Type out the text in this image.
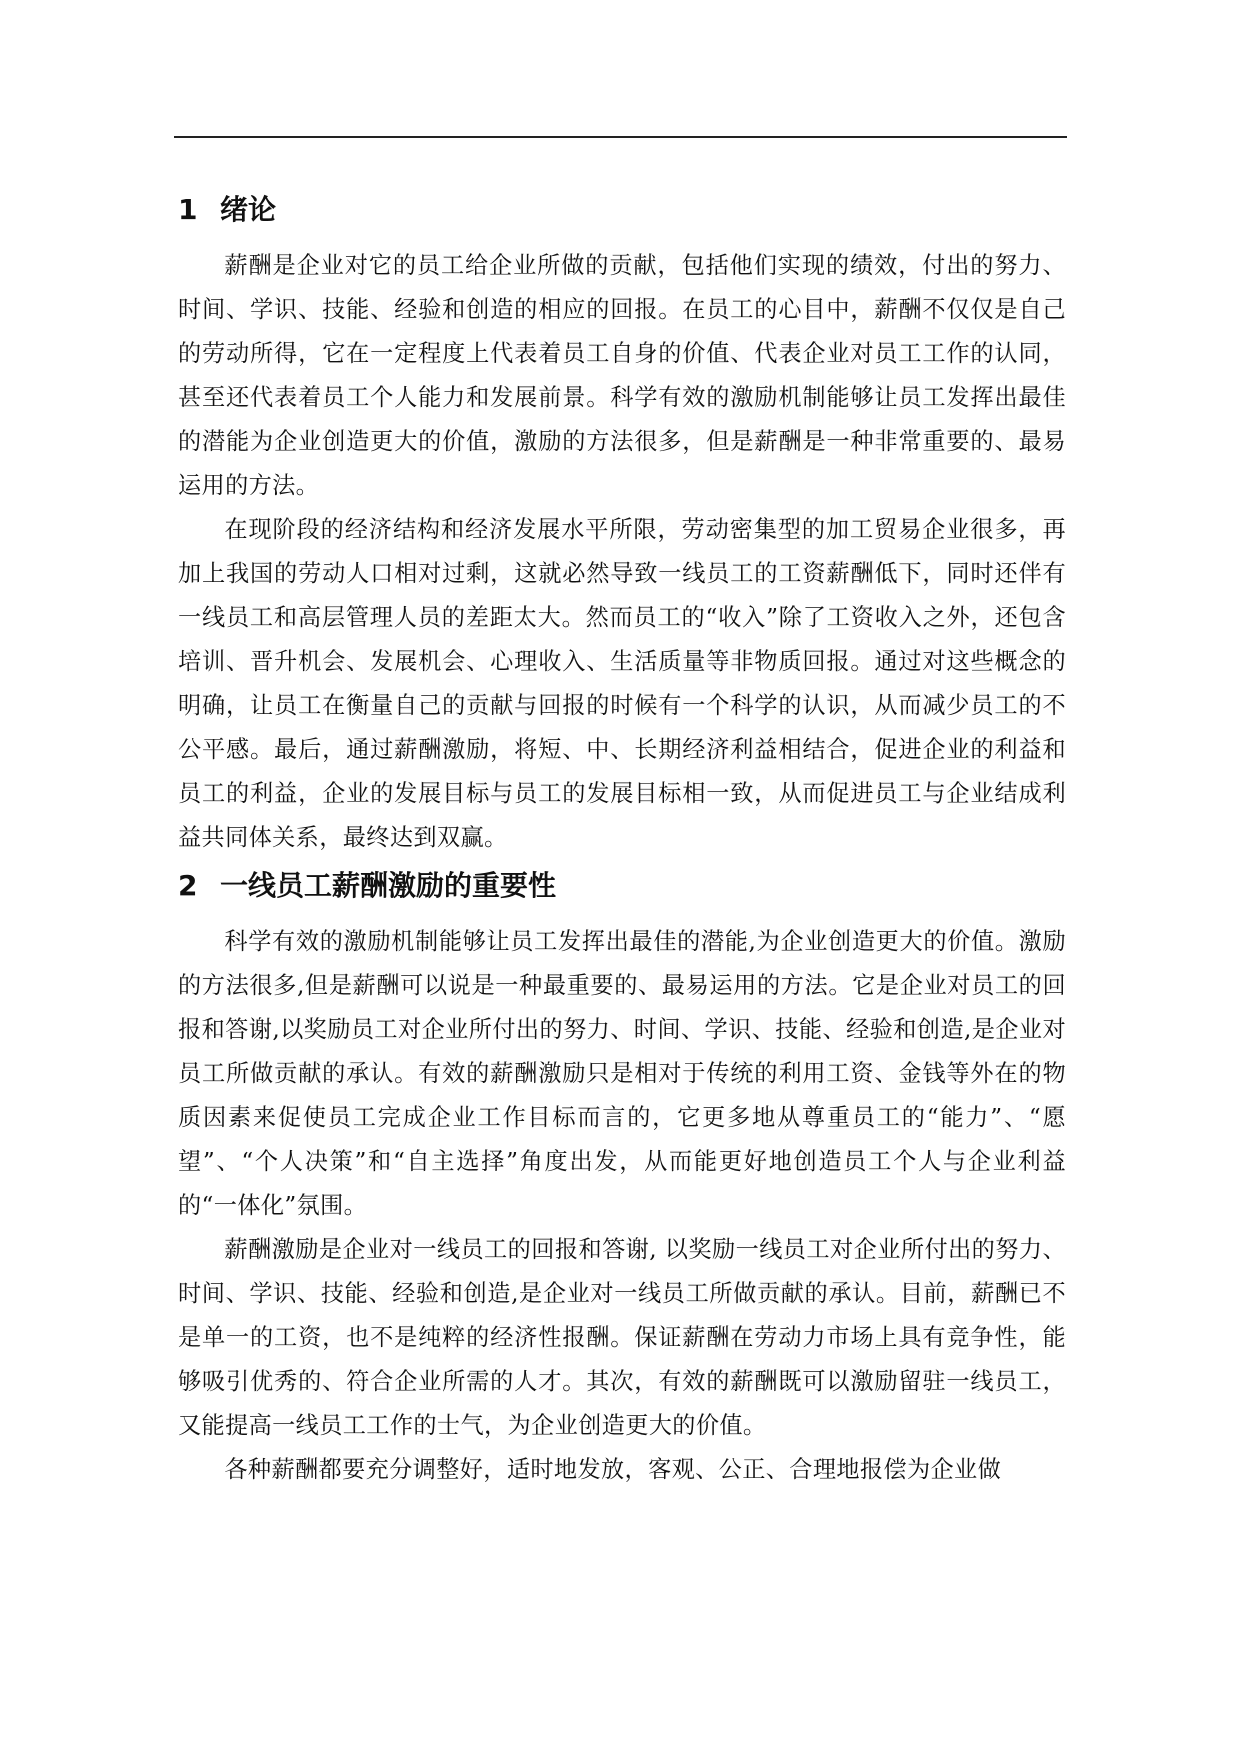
1 绪论

薪酬是企业对它的员工给企业所做的贡献，包括他们实现的绩效，付出的努力、时间、学识、技能、经验和创造的相应的回报。在员工的心目中，薪酬不仅仅是自己的劳动所得，它在一定程度上代表着员工自身的价值、代表企业对员工工作的认同，甚至还代表着员工个人能力和发展前景。科学有效的激励机制能够让员工发挥出最佳的潜能为企业创造更大的价值，激励的方法很多，但是薪酬是一种非常重要的、最易运用的方法。

在现阶段的经济结构和经济发展水平所限，劳动密集型的加工贸易企业很多，再加上我国的劳动人口相对过剩，这就必然导致一线员工的工资薪酬低下，同时还伴有一线员工和高层管理人员的差距太大。然而员工的“收入”除了工资收入之外，还包含培训、晋升机会、发展机会、心理收入、生活质量等非物质回报。通过对这些概念的明确，让员工在衡量自己的贡献与回报的时候有一个科学的认识，从而减少员工的不公平感。最后，通过薪酬激励，将短、中、长期经济利益相结合，促进企业的利益和员工的利益，企业的发展目标与员工的发展目标相一致，从而促进员工与企业结成利益共同体关系，最终达到双赢。

2 一线员工薪酬激励的重要性

科学有效的激励机制能够让员工发挥出最佳的潜能,为企业创造更大的价值。激励的方法很多,但是薪酬可以说是一种最重要的、最易运用的方法。它是企业对员工的回报和答谢,以奖励员工对企业所付出的努力、时间、学识、技能、经验和创造,是企业对员工所做贡献的承认。有效的薪酬激励只是相对于传统的利用工资、金钱等外在的物质因素来促使员工完成企业工作目标而言的，它更多地从尊重员工的“能力”、“愿望”、“个人决策”和“自主选择”角度出发，从而能更好地创造员工个人与企业利益的“一体化”氛围。

薪酬激励是企业对一线员工的回报和答谢, 以奖励一线员工对企业所付出的努力、时间、学识、技能、经验和创造,是企业对一线员工所做贡献的承认。目前，薪酬已不是单一的工资，也不是纯粹的经济性报酬。保证薪酬在劳动力市场上具有竞争性，能够吸引优秀的、符合企业所需的人才。其次，有效的薪酬既可以激励留驻一线员工，又能提高一线员工工作的士气，为企业创造更大的价值。

各种薪酬都要充分调整好，适时地发放，客观、公正、合理地报偿为企业做
